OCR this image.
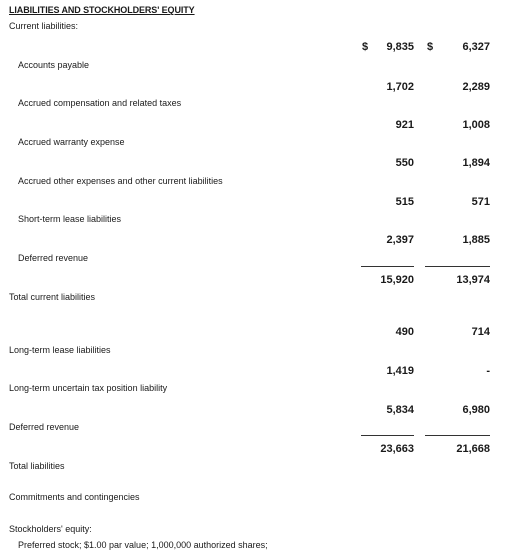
LIABILITIES AND STOCKHOLDERS' EQUITY
Current liabilities:
Accounts payable
Accrued compensation and related taxes
Accrued warranty expense
Accrued other expenses and other current liabilities
Short-term lease liabilities
Deferred revenue
Total current liabilities
Long-term lease liabilities
Long-term uncertain tax position liability
Deferred revenue
Total liabilities
Commitments and contingencies
Stockholders' equity:
Preferred stock; $1.00 par value; 1,000,000 authorized shares;
$	$
9,835
1,702
921
550
515
2,397
15,920
490
1,419
5,834
23,663
6,327
2,289
1,008
1,894
571
1,885
13,974
714
-
6,980
21,668
